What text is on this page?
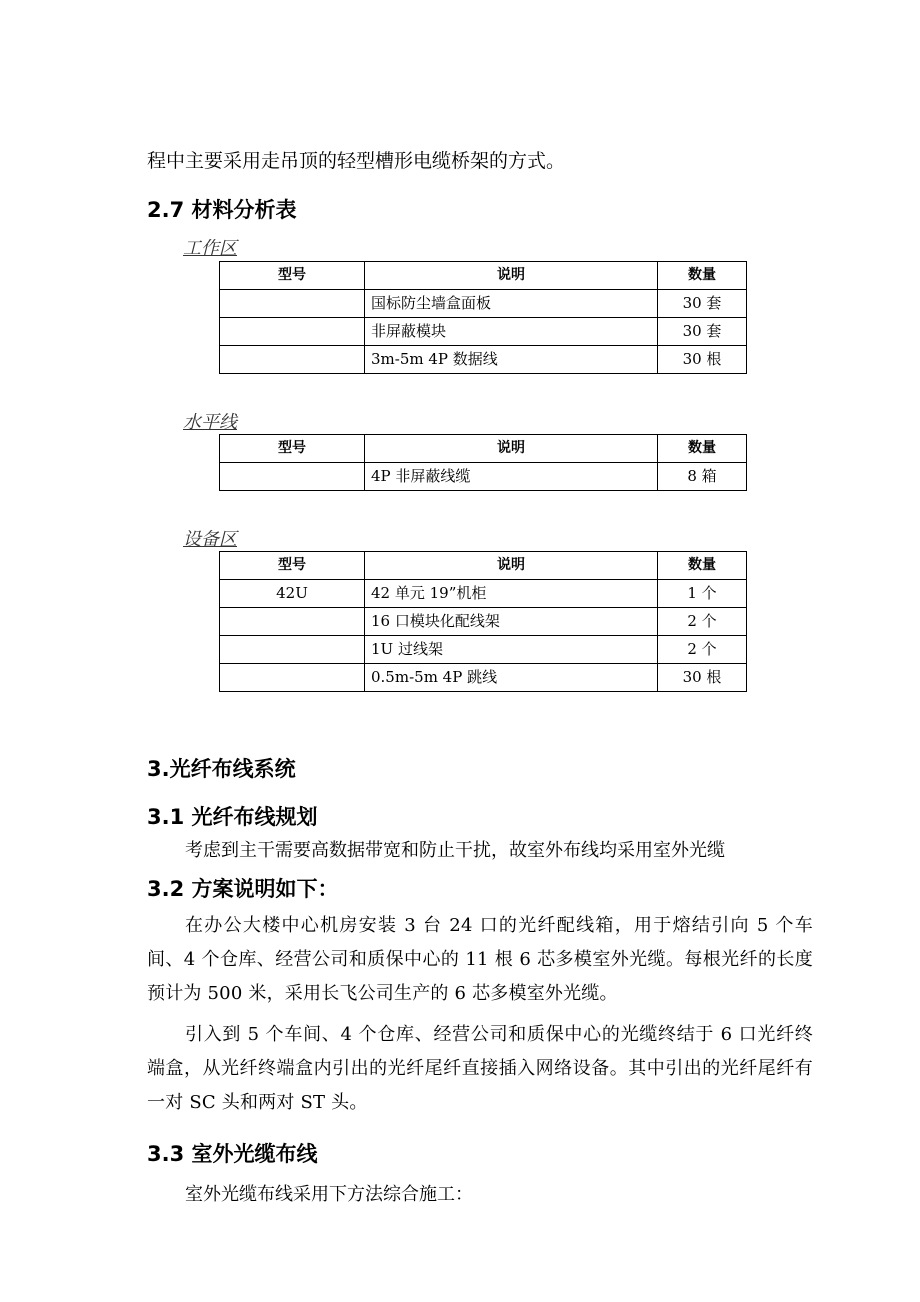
程中主要采用走吊顶的轻型槽形电缆桥架的方式。
2.7 材料分析表
工作区
型号	说明	数量
	国标防尘墙盒面板	30 套
	非屏蔽模块	30 套
	3m-5m 4P 数据线	30 根
水平线
型号	说明	数量
	4P 非屏蔽线缆	8 箱
设备区
型号	说明	数量
42U	42 单元 19”机柜	1 个
	16 口模块化配线架	2 个
	1U 过线架	2 个
	0.5m-5m 4P 跳线	30 根
3.光纤布线系统
3.1 光纤布线规划
考虑到主干需要高数据带宽和防止干扰，故室外布线均采用室外光缆
3.2 方案说明如下：
在办公大楼中心机房安装 3 台 24 口的光纤配线箱，用于熔结引向 5 个车间、4 个仓库、经营公司和质保中心的 11 根 6 芯多模室外光缆。每根光纤的长度预计为 500 米，采用长飞公司生产的 6 芯多模室外光缆。
引入到 5 个车间、4 个仓库、经营公司和质保中心的光缆终结于 6 口光纤终端盒，从光纤终端盒内引出的光纤尾纤直接插入网络设备。其中引出的光纤尾纤有一对 SC 头和两对 ST 头。
3.3 室外光缆布线
室外光缆布线采用下方法综合施工：
